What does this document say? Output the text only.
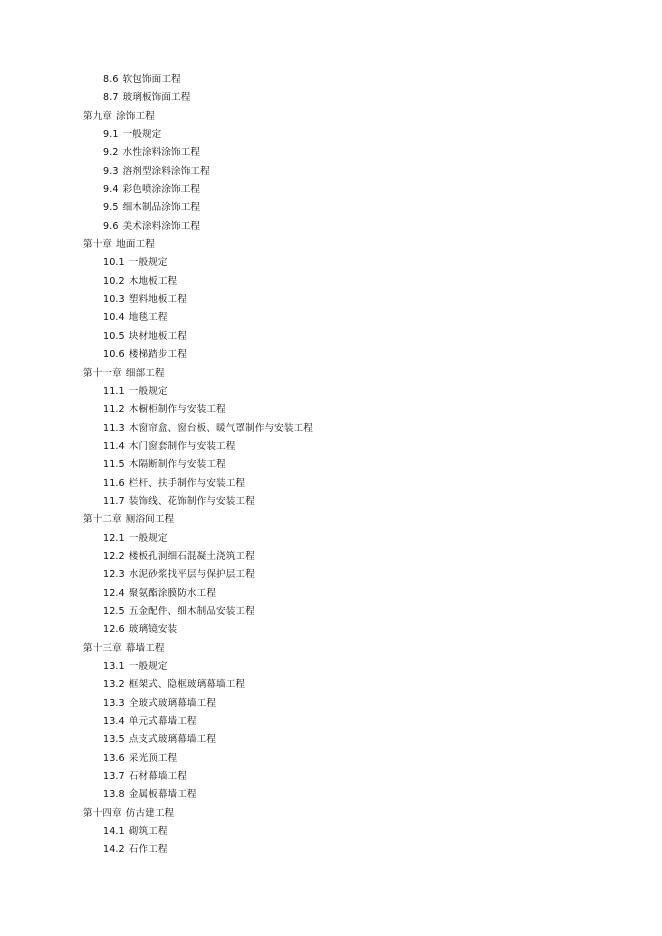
8.6 软包饰面工程
8.7 玻璃板饰面工程
第九章 涂饰工程
9.1 一般规定
9.2 水性涂料涂饰工程
9.3 溶剂型涂料涂饰工程
9.4 彩色喷涂涂饰工程
9.5 细木制品涂饰工程
9.6 美术涂料涂饰工程
第十章 地面工程
10.1 一般规定
10.2 木地板工程
10.3 塑料地板工程
10.4 地毯工程
10.5 块材地板工程
10.6 楼梯踏步工程
第十一章 细部工程
11.1 一般规定
11.2 木橱柜制作与安装工程
11.3 木窗帘盒、窗台板、暖气罩制作与安装工程
11.4 木门窗套制作与安装工程
11.5 木隔断制作与安装工程
11.6 栏杆、扶手制作与安装工程
11.7 装饰线、花饰制作与安装工程
第十二章 厕浴间工程
12.1 一般规定
12.2 楼板孔洞细石混凝土浇筑工程
12.3 水泥砂浆找平层与保护层工程
12.4 聚氨酯涂膜防水工程
12.5 五金配件、细木制品安装工程
12.6 玻璃镜安装
第十三章 幕墙工程
13.1 一般规定
13.2 框架式、隐框玻璃幕墙工程
13.3 全玻式玻璃幕墙工程
13.4 单元式幕墙工程
13.5 点支式玻璃幕墙工程
13.6 采光顶工程
13.7 石材幕墙工程
13.8 金属板幕墙工程
第十四章 仿古建工程
14.1 砌筑工程
14.2 石作工程
